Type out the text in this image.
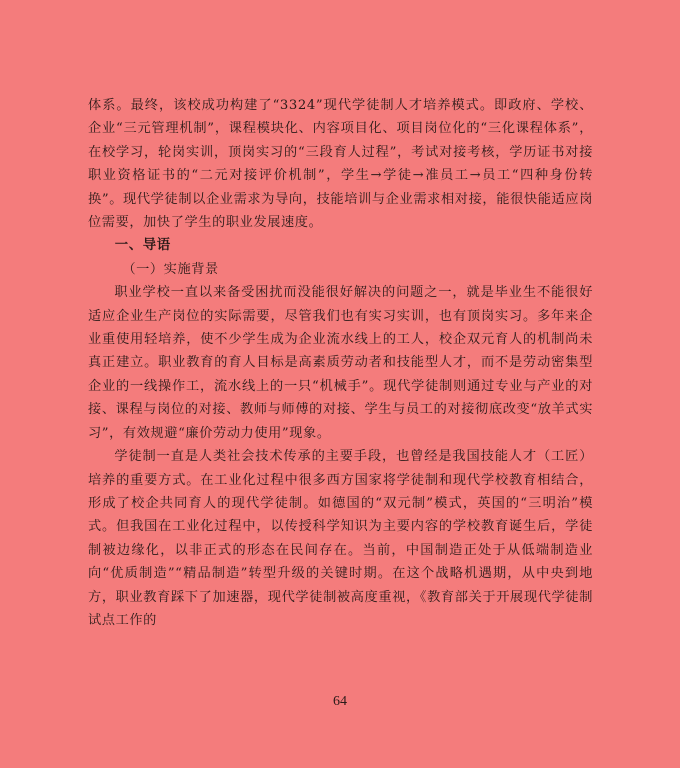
体系。最终，该校成功构建了“3324”现代学徒制人才培养模式。即政府、学校、企业“三元管理机制”，课程模块化、内容项目化、项目岗位化的“三化课程体系”，在校学习，轮岗实训，顶岗实习的“三段育人过程”，考试对接考核，学历证书对接职业资格证书的“二元对接评价机制”，学生→学徒→准员工→员工“四种身份转换”。现代学徒制以企业需求为导向，技能培训与企业需求相对接，能很快能适应岗位需要，加快了学生的职业发展速度。

一、导语

（一）实施背景

职业学校一直以来备受困扰而没能很好解决的问题之一，就是毕业生不能很好适应企业生产岗位的实际需要，尽管我们也有实习实训，也有顶岗实习。多年来企业重使用轻培养，使不少学生成为企业流水线上的工人，校企双元育人的机制尚未真正建立。职业教育的育人目标是高素质劳动者和技能型人才，而不是劳动密集型企业的一线操作工，流水线上的一只“机械手”。现代学徒制则通过专业与产业的对接、课程与岗位的对接、教师与师傅的对接、学生与员工的对接彻底改变“放羊式实习”，有效规避“廉价劳动力使用”现象。

学徒制一直是人类社会技术传承的主要手段，也曾经是我国技能人才（工匠）培养的重要方式。在工业化过程中很多西方国家将学徒制和现代学校教育相结合，形成了校企共同育人的现代学徒制。如德国的“双元制”模式，英国的“三明治”模式。但我国在工业化过程中，以传授科学知识为主要内容的学校教育诞生后，学徒制被边缘化，以非正式的形态在民间存在。当前，中国制造正处于从低端制造业向“优质制造”“精品制造”转型升级的关键时期。在这个战略机遇期，从中央到地方，职业教育踩下了加速器，现代学徒制被高度重视，《教育部关于开展现代学徒制试点工作的

64
